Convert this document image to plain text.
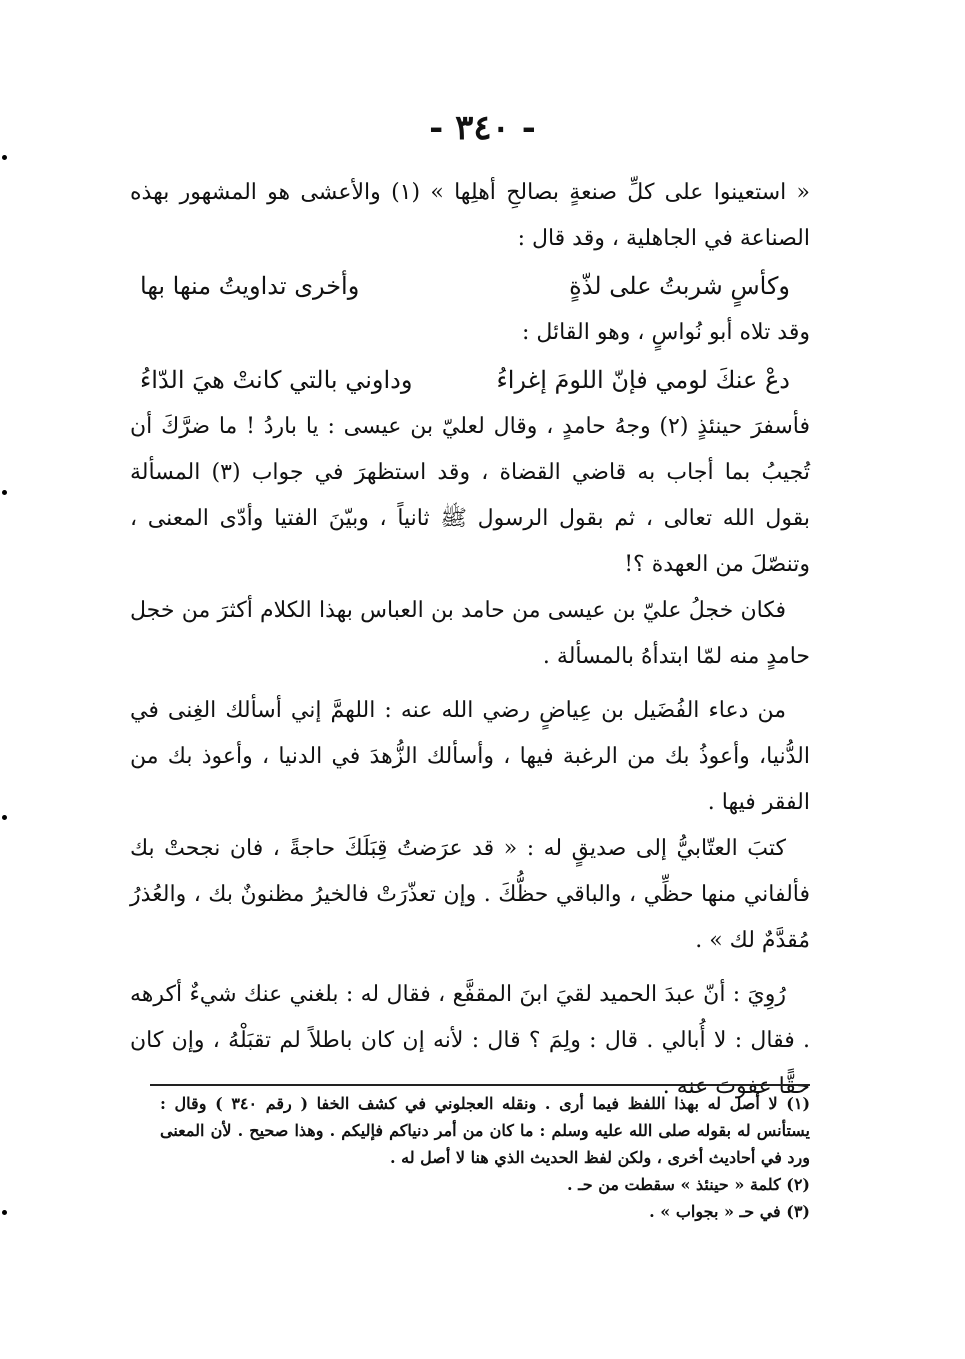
- ٣٤٠ -

« استعينوا على كلِّ صنعةٍ بصالحِ أهلِها » (١) والأعشى هو المشهور بهذه الصناعة في الجاهلية ، وقد قال :

وكأسٍ شربتُ على لذّةٍ
وأخرى تداويتُ منها بها

وقد تلاه أبو نُواسٍ ، وهو القائل :

دعْ عنكَ لومي فإنّ اللومَ إغراءُ
وداوني بالتي كانتْ هيَ الدّاءُ

فأسفرَ حينئذٍ (٢) وجهُ حامدٍ ، وقال لعليّ بن عيسى : يا باردُ ! ما ضرَّكَ أن تُجيبُ بما أجاب به قاضي القضاة ، وقد استظهرَ في جواب (٣) المسألة بقول الله تعالى ، ثم بقول الرسول ﷺ ثانياً ، وبيّنَ الفتيا وأدّى المعنى ، وتنصّلَ من العهدة ؟!

فكان خجلُ عليّ بن عيسى من حامد بن العباس بهذا الكلام أكثرَ من خجل حامدٍ منه لمّا ابتدأهُ بالمسألة .

من دعاء الفُضَيل بن عِياضٍ رضي الله عنه : اللهمَّ إني أسألك الغِنى في الدُّنيا، وأعوذُ بك من الرغبة فيها ، وأسألك الزُّهدَ في الدنيا ، وأعوذ بك من الفقر فيها .

كتبَ العتّابيُّ إلى صديقٍ له : « قد عرَضتُ قِبَلَكَ حاجةً ، فان نجحتْ بك فألفاني منها حظِّي ، والباقي حظُّكَ . وإن تعذّرَتْ فالخيرُ مظنونٌ بك ، والعُذرُ مُقدَّمٌ لك » .

رُوِيَ : أنّ عبدَ الحميد لقيَ ابنَ المقفَّع ، فقال له : بلغني عنك شيءٌ أكرهه . فقال : لا أُبالي . قال : ولِمَ ؟ قال : لأنه إن كان باطلاً لم تقبَلْهُ ، وإن كان حقًّا عفوتَ عنه .

(١) لا أصل له بهذا اللفظ فيما أرى . ونقله العجلوني في كشف الخفا ( رقم ٣٤٠ ) وقال : يستأنس له بقوله صلى الله عليه وسلم : ما كان من أمر دنياكم فإليكم . وهذا صحيح . لأن المعنى ورد في أحاديث أخرى ، ولكن لفظ الحديث الذي هنا لا أصل له .

(٢) كلمة « حينئذ » سقطت من حـ .

(٣) في حـ « بجواب » .
